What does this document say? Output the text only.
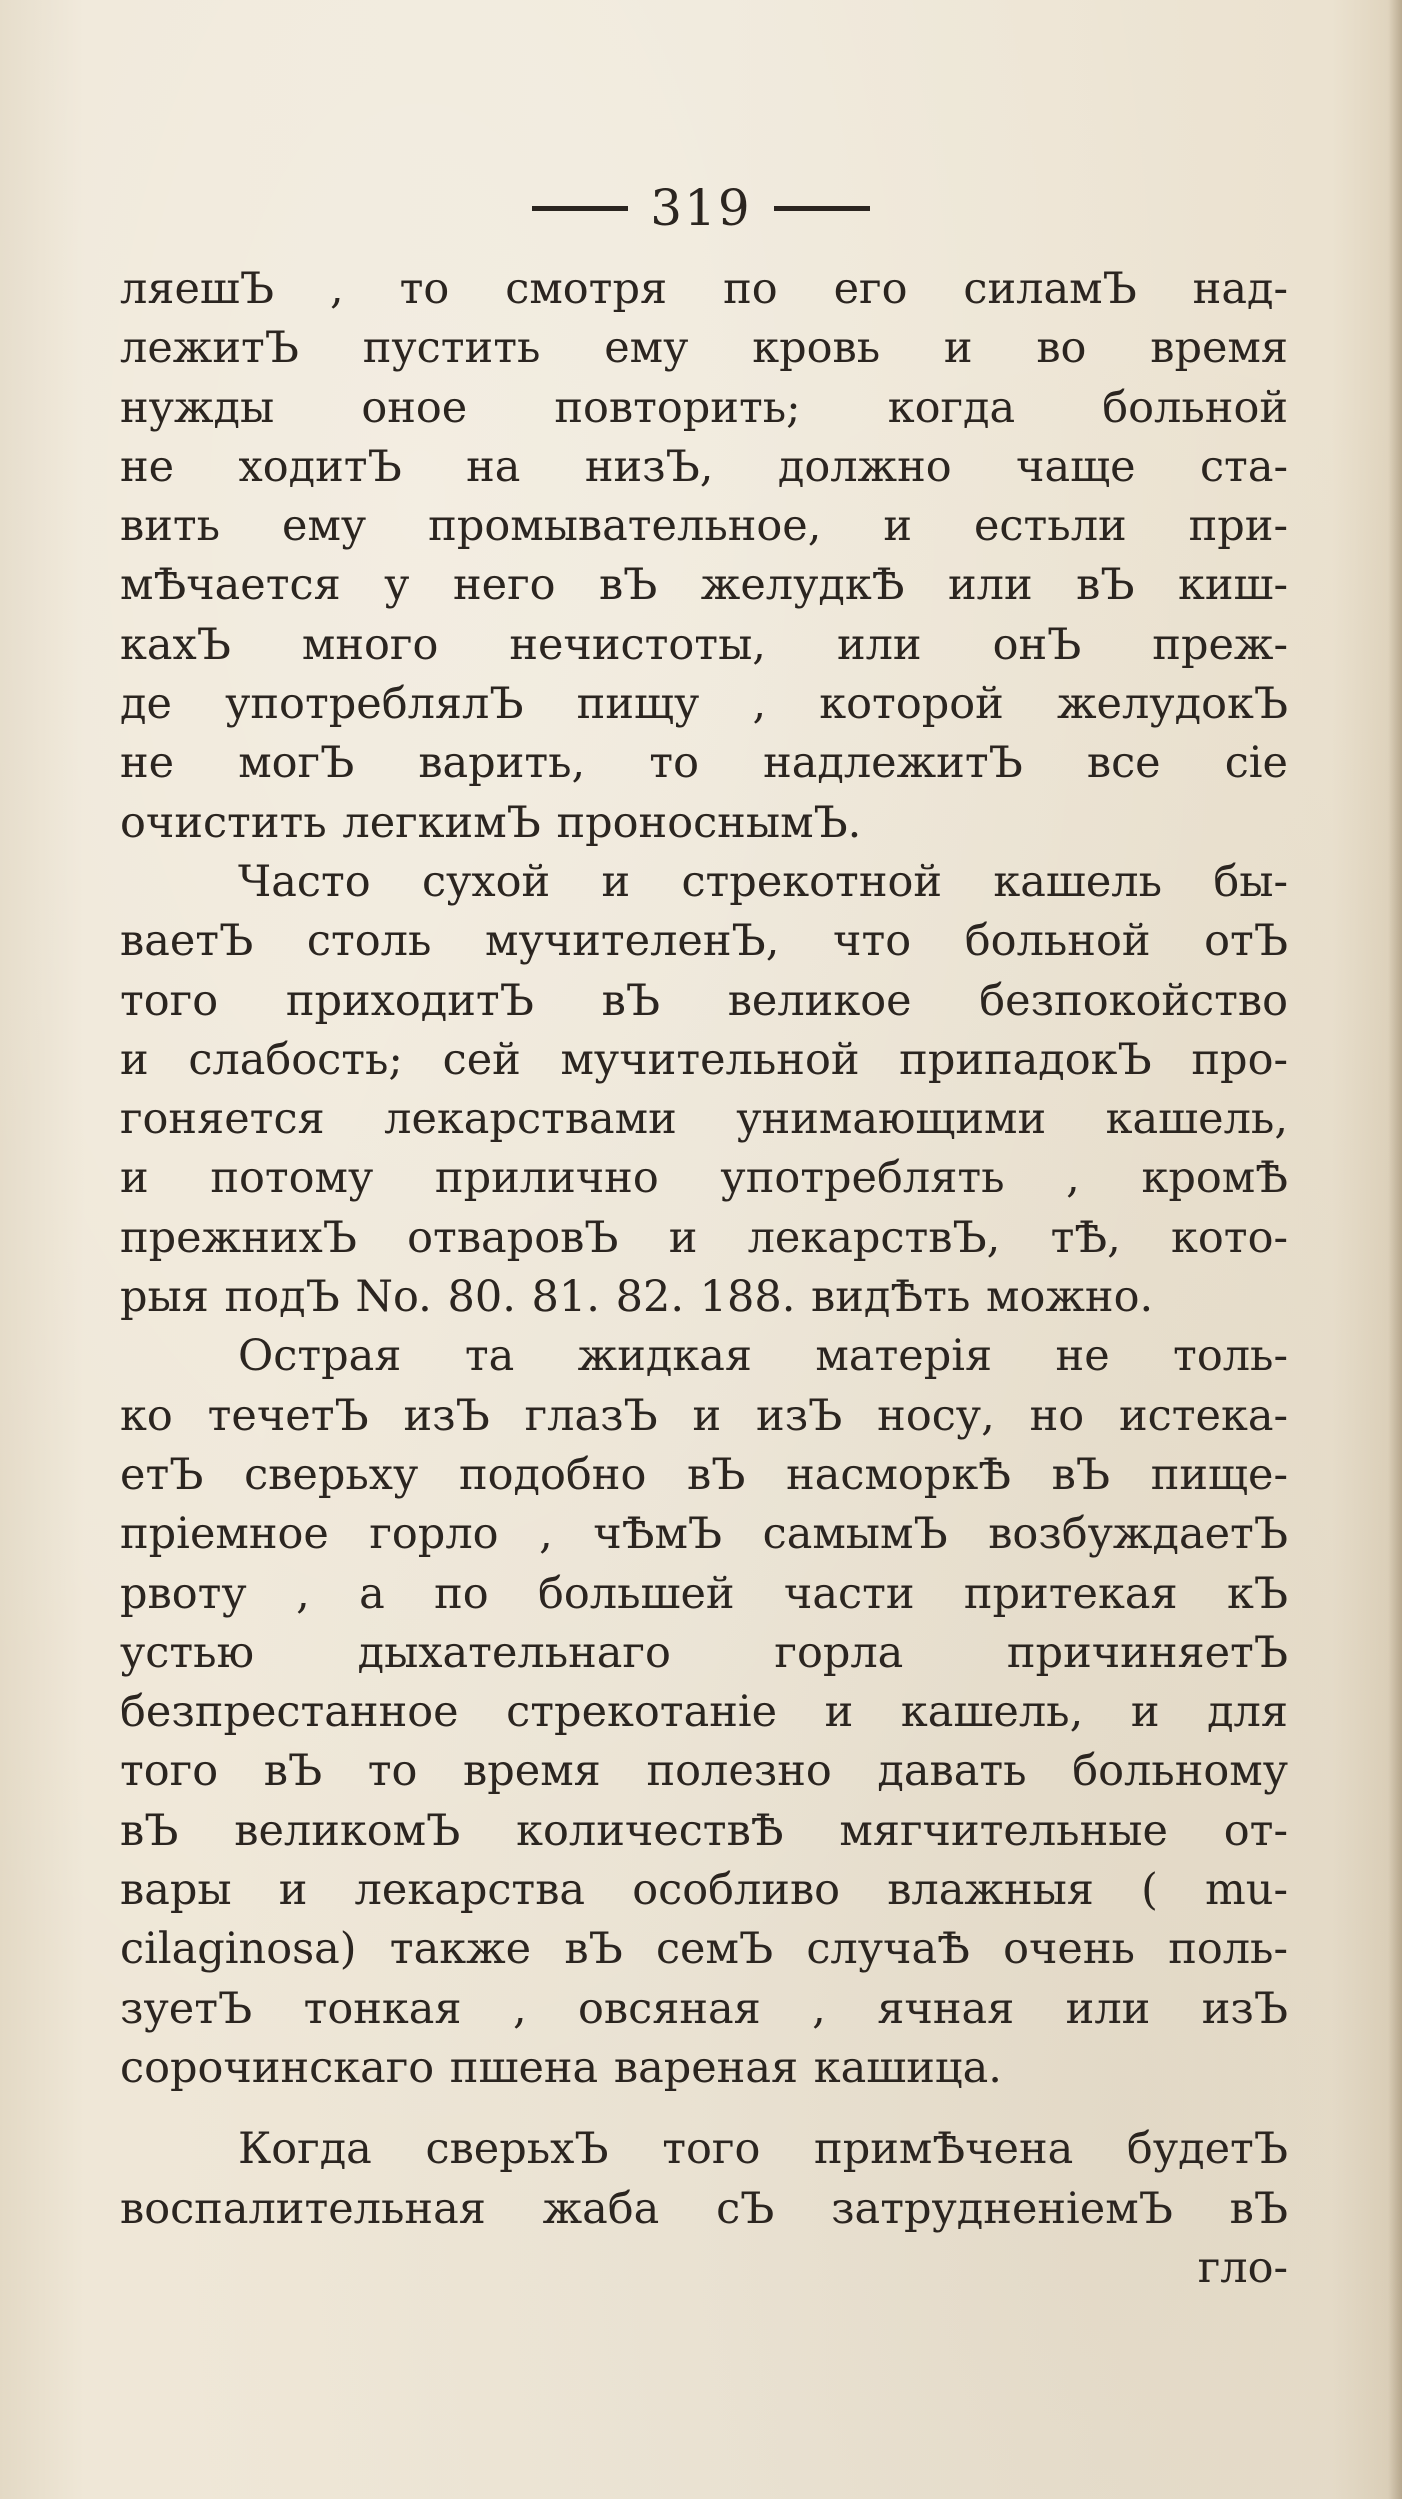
319
ляешЪ , то смотря по его силамЪ над-
лежитЪ пустить ему кровь и во время
нужды оное повторить; когда больной
не ходитЪ на низЪ, должно чаще ста-
вить ему промывательное, и естьли при-
мѢчается у него вЪ желудкѢ или вЪ киш-
кахЪ много нечистоты, или онЪ преж-
де употреблялЪ пищу , которой желудокЪ
не могЪ варить, то надлежитЪ все сіе
очистить легкимЪ проноснымЪ.
Часто сухой и стрекотной кашель бы-
ваетЪ столь мучителенЪ, что больной отЪ
того приходитЪ вЪ великое безпокойство
и слабость; сей мучительной припадокЪ про-
гоняется лекарствами унимающими кашель,
и потому прилично употреблять , кромѢ
прежнихЪ отваровЪ и лекарствЪ, тѢ, кото-
рыя подЪ No. 80. 81. 82. 188. видѢть можно.
Острая та жидкая матерія не толь-
ко течетЪ изЪ глазЪ и изЪ носу, но истека-
етЪ сверьху подобно вЪ насморкѢ вЪ пище-
пріемное горло , чѢмЪ самымЪ возбуждаетЪ
рвоту , а по большей части притекая кЪ
устью дыхательнаго горла причиняетЪ
безпрестанное стрекотаніе и кашель, и для
того вЪ то время полезно давать больному
вЪ великомЪ количествѢ мягчительные от-
вары и лекарства особливо влажныя ( mu-
cilaginosa) также вЪ семЪ случаѢ очень поль-
зуетЪ тонкая , овсяная , ячная или изЪ
сорочинскаго пшена вареная кашица.
Когда сверьхЪ того примѢчена будетЪ
воспалительная жаба сЪ затрудненіемЪ вЪ
гло-
